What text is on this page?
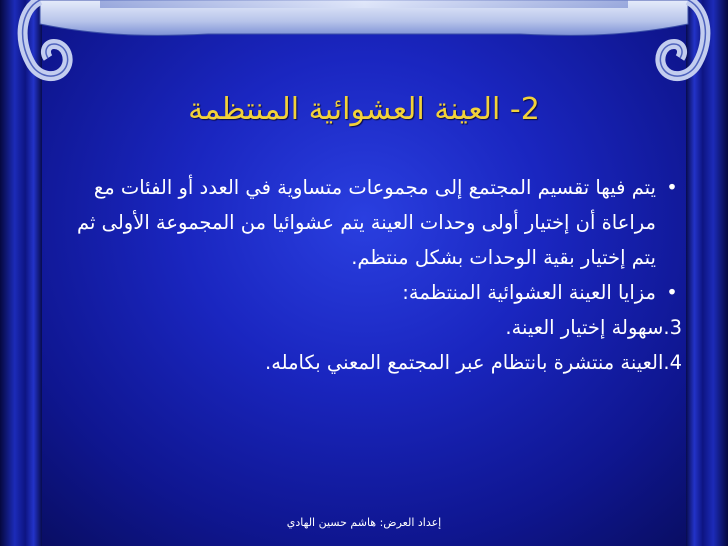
2- العينة العشوائية المنتظمة

•
يتم فيها تقسيم المجتمع إلى مجموعات متساوية في العدد أو الفئات مع مراعاة أن إختيار أولى وحدات العينة يتم عشوائيا من المجموعة الأولى ثم يتم إختيار بقية الوحدات بشكل منتظم.

•
مزايا العينة العشوائية المنتظمة:

3.سهولة إختيار العينة.

4.العينة منتشرة بانتظام عبر المجتمع المعني بكامله.

إعداد العرض: هاشم حسين الهادي
